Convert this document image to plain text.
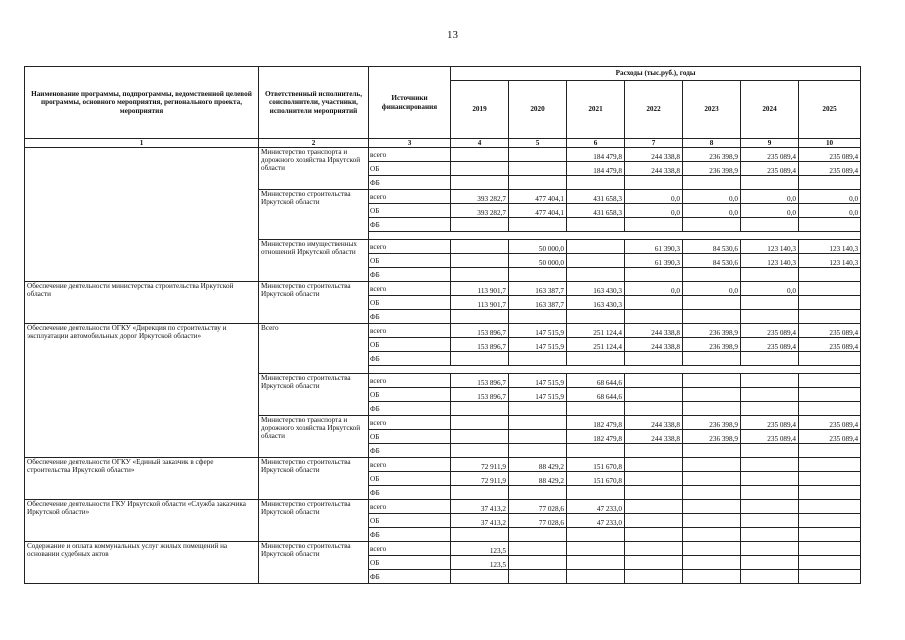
13
Наименование программы, подпрограммы, ведомственной целевой программы, основного мероприятия, регионального проекта, мероприятия	Ответственный исполнитель, соисполнители, участники, исполнители мероприятий	Источники финансирования	Расходы (тыс.руб.), годы						
			2019	2020	2021	2022	2023	2024	2025
1	2	3	4	5	6	7	8	9	10
	Министерство транспорта и дорожного хозяйства Иркутской области	всего			184 479,8	244 338,8	236 398,9	235 089,4	235 089,4
		ОБ			184 479,8	244 338,8	236 398,9	235 089,4	235 089,4
		ФБ							
	Министерство строительства Иркутской области	всего	393 282,7	477 404,1	431 658,3	0,0	0,0	0,0	0,0
		ОБ	393 282,7	477 404,1	431 658,3	0,0	0,0	0,0	0,0
		ФБ							

	Министерство имущественных отношений Иркутской области	всего		50 000,0		61 390,3	84 530,6	123 140,3	123 140,3
		ОБ		50 000,0		61 390,3	84 530,6	123 140,3	123 140,3
		ФБ							
Обеспечение деятельности министерства строительства Иркутской области	Министерство строительства Иркутской области	всего	113 901,7	163 387,7	163 430,3	0,0	0,0	0,0	
		ОБ	113 901,7	163 387,7	163 430,3				
		ФБ							
Обеспечение деятельности ОГКУ «Дирекция по строительству и эксплуатации автомобильных дорог Иркутской области»	Всего	всего	153 896,7	147 515,9	251 124,4	244 338,8	236 398,9	235 089,4	235 089,4
		ОБ	153 896,7	147 515,9	251 124,4	244 338,8	236 398,9	235 089,4	235 089,4
		ФБ							

	Министерство строительства Иркутской области	всего	153 896,7	147 515,9	68 644,6				
		ОБ	153 896,7	147 515,9	68 644,6				
		ФБ							
	Министерство транспорта и дорожного хозяйства Иркутской области	всего			182 479,8	244 338,8	236 398,9	235 089,4	235 089,4
		ОБ			182 479,8	244 338,8	236 398,9	235 089,4	235 089,4
		ФБ							
Обеспечение деятельности ОГКУ «Единый заказчик в сфере строительства Иркутской области»	Министерство строительства Иркутской области	всего	72 911,9	88 429,2	151 670,8				
		ОБ	72 911,9	88 429,2	151 670,8				
		ФБ							
Обеспечение деятельности ГКУ Иркутской области «Служба заказчика Иркутской области»	Министерство строительства Иркутской области	всего	37 413,2	77 028,6	47 233,0				
		ОБ	37 413,2	77 028,6	47 233,0				
		ФБ							
Содержание и оплата коммунальных услуг жилых помещений на основании судебных актов	Министерство строительства Иркутской области	всего	123,5						
		ОБ	123,5						
		ФБ							
